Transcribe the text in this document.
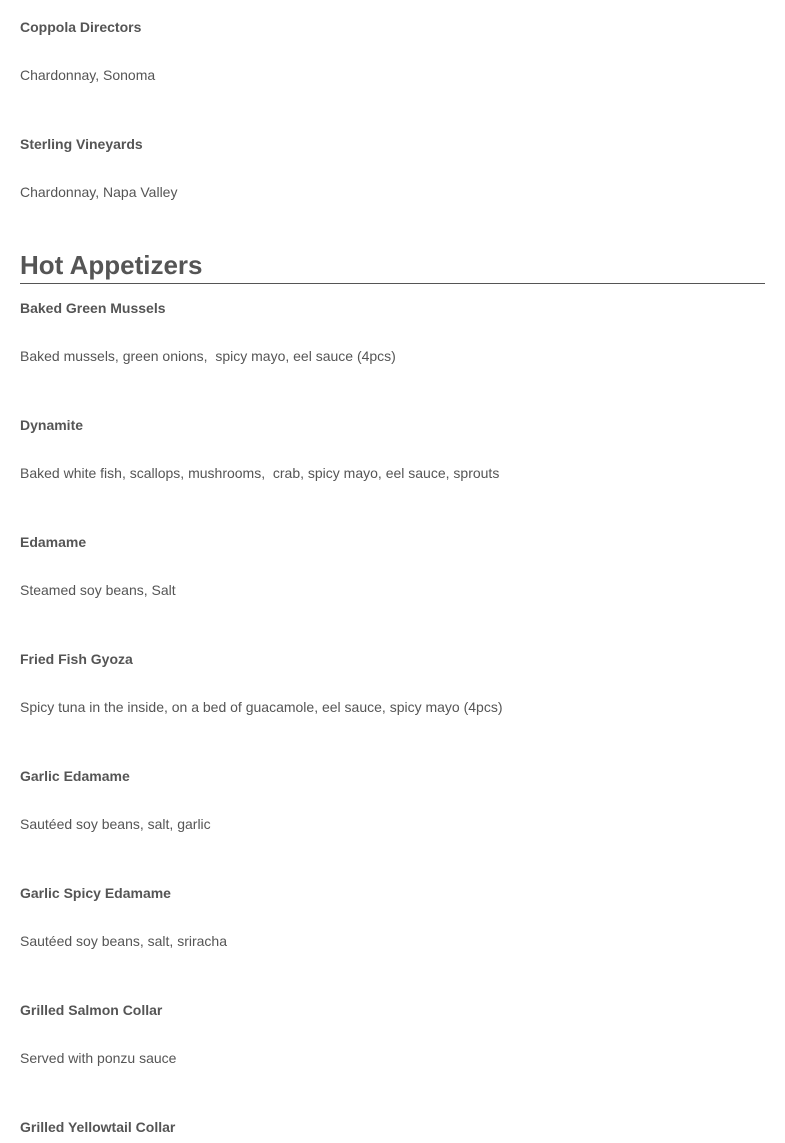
Coppola Directors

Chardonnay, Sonoma

Sterling Vineyards

Chardonnay, Napa Valley

Hot Appetizers

Baked Green Mussels

Baked mussels, green onions,  spicy mayo, eel sauce (4pcs)

Dynamite

Baked white fish, scallops, mushrooms,  crab, spicy mayo, eel sauce, sprouts

Edamame

Steamed soy beans, Salt

Fried Fish Gyoza

Spicy tuna in the inside, on a bed of guacamole, eel sauce, spicy mayo (4pcs)

Garlic Edamame

Sautéed soy beans, salt, garlic

Garlic Spicy Edamame

Sautéed soy beans, salt, sriracha

Grilled Salmon Collar

Served with ponzu sauce

Grilled Yellowtail Collar
